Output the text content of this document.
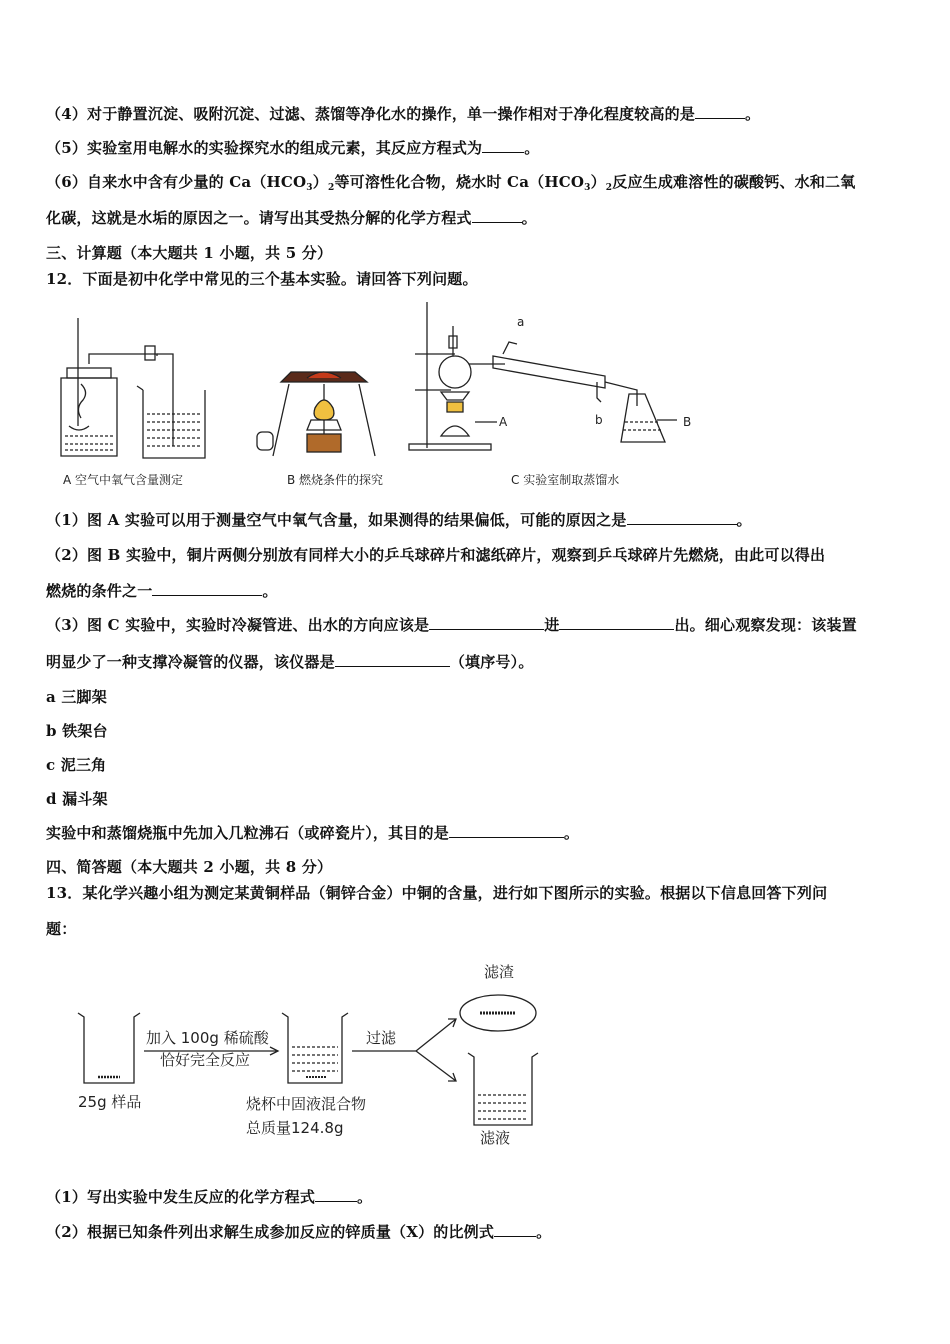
（4）对于静置沉淀、吸附沉淀、过滤、蒸馏等净化水的操作，单一操作相对于净化程度较高的是	。
（5）实验室用电解水的实验探究水的组成元素，其反应方程式为	。
（6）自来水中含有少量的 $Ca(HCO_3)_2$等可溶性化合物，烧水时 $Ca(HCO_3)_2$反应生成难溶性的碳酸钙、水和二氧
化碳，这就是水垢的原因之一。请写出其受热分解的化学方程式	。
三、计算题（本大题共 1 小题，共 5 分）
12．下面是初中化学中常见的三个基本实验。请回答下列问题。
a
b
A	B
A 空气中氧气含量测定	B 燃烧条件的探究	C 实验室制取蒸馏水
（1）图 A 实验可以用于测量空气中氧气含量，如果测得的结果偏低，可能的原因之是	。
（2）图 B 实验中，铜片两侧分别放有同样大小的乒乓球碎片和滤纸碎片，观察到乒乓球碎片先燃烧，由此可以得出
燃烧的条件之一	。
（3）图 C 实验中，实验时冷凝管进、出水的方向应该是	进	出。细心观察发现：该装置
明显少了一种支撑冷凝管的仪器，该仪器是	（填序号）。
a 三脚架
b 铁架台
c 泥三角
d 漏斗架
实验中和蒸馏烧瓶中先加入几粒沸石（或碎瓷片），其目的是	。
四、简答题（本大题共 2 小题，共 8 分）
13．某化学兴趣小组为测定某黄铜样品（铜锌合金）中铜的含量，进行如下图所示的实验。根据以下信息回答下列问
题：
滤渣
加入 100g 稀硫酸
恰好完全反应
过滤
25g 样品	烧杯中固液混合物
总质量124.8g
滤液
（1）写出实验中发生反应的化学方程式	。
（2）根据已知条件列出求解生成参加反应的锌质量（X）的比例式	。
